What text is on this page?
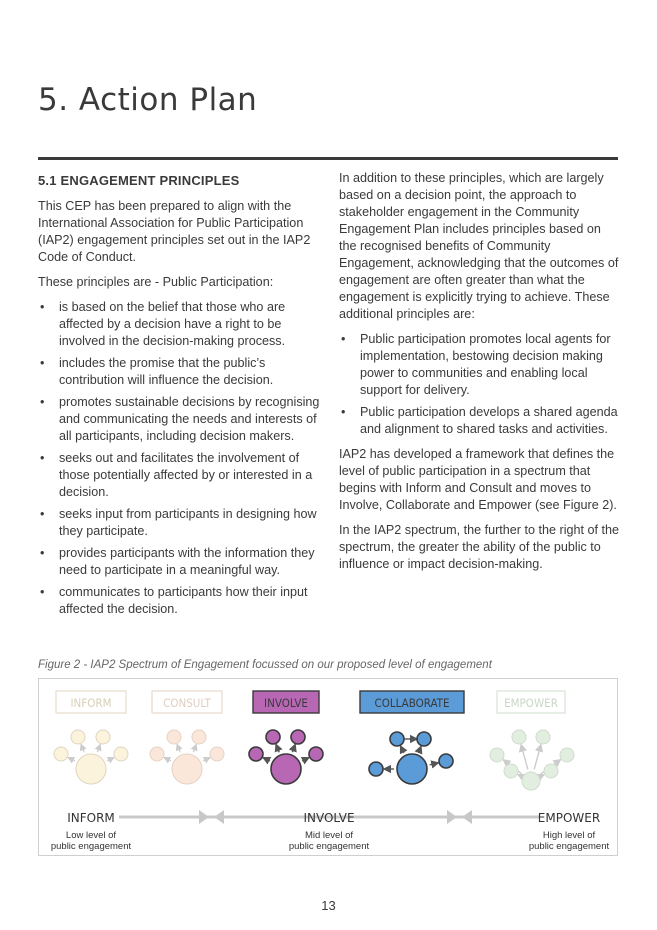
5. Action Plan
5.1 ENGAGEMENT PRINCIPLES

This CEP has been prepared to align with the International Association for Public Participation (IAP2) engagement principles set out in the IAP2 Code of Conduct.

These principles are - Public Participation:

• is based on the belief that those who are affected by a decision have a right to be involved in the decision-making process.
• includes the promise that the public’s contribution will influence the decision.
• promotes sustainable decisions by recognising and communicating the needs and interests of all participants, including decision makers.
• seeks out and facilitates the involvement of those potentially affected by or interested in a decision.
• seeks input from participants in designing how they participate.
• provides participants with the information they need to participate in a meaningful way.
• communicates to participants how their input affected the decision.

In addition to these principles, which are largely based on a decision point, the approach to stakeholder engagement in the Community Engagement Plan includes principles based on the recognised benefits of Community Engagement, acknowledging that the outcomes of engagement are often greater than what the engagement is explicitly trying to achieve. These additional principles are:

• Public participation promotes local agents for implementation, bestowing decision making power to communities and enabling local support for delivery.
• Public participation develops a shared agenda and alignment to shared tasks and activities.

IAP2 has developed a framework that defines the level of public participation in a spectrum that begins with Inform and Consult and moves to Involve, Collaborate and Empower (see Figure 2).

In the IAP2 spectrum, the further to the right of the spectrum, the greater the ability of the public to influence or impact decision-making.

Figure 2 - IAP2 Spectrum of Engagement focussed on our proposed level of engagement
INFORM	CONSULT	INVOLVE	COLLABORATE	EMPOWER
INFORM
Low level of
public engagement
INVOLVE
Mid level of
public engagement
EMPOWER
High level of
public engagement
13
